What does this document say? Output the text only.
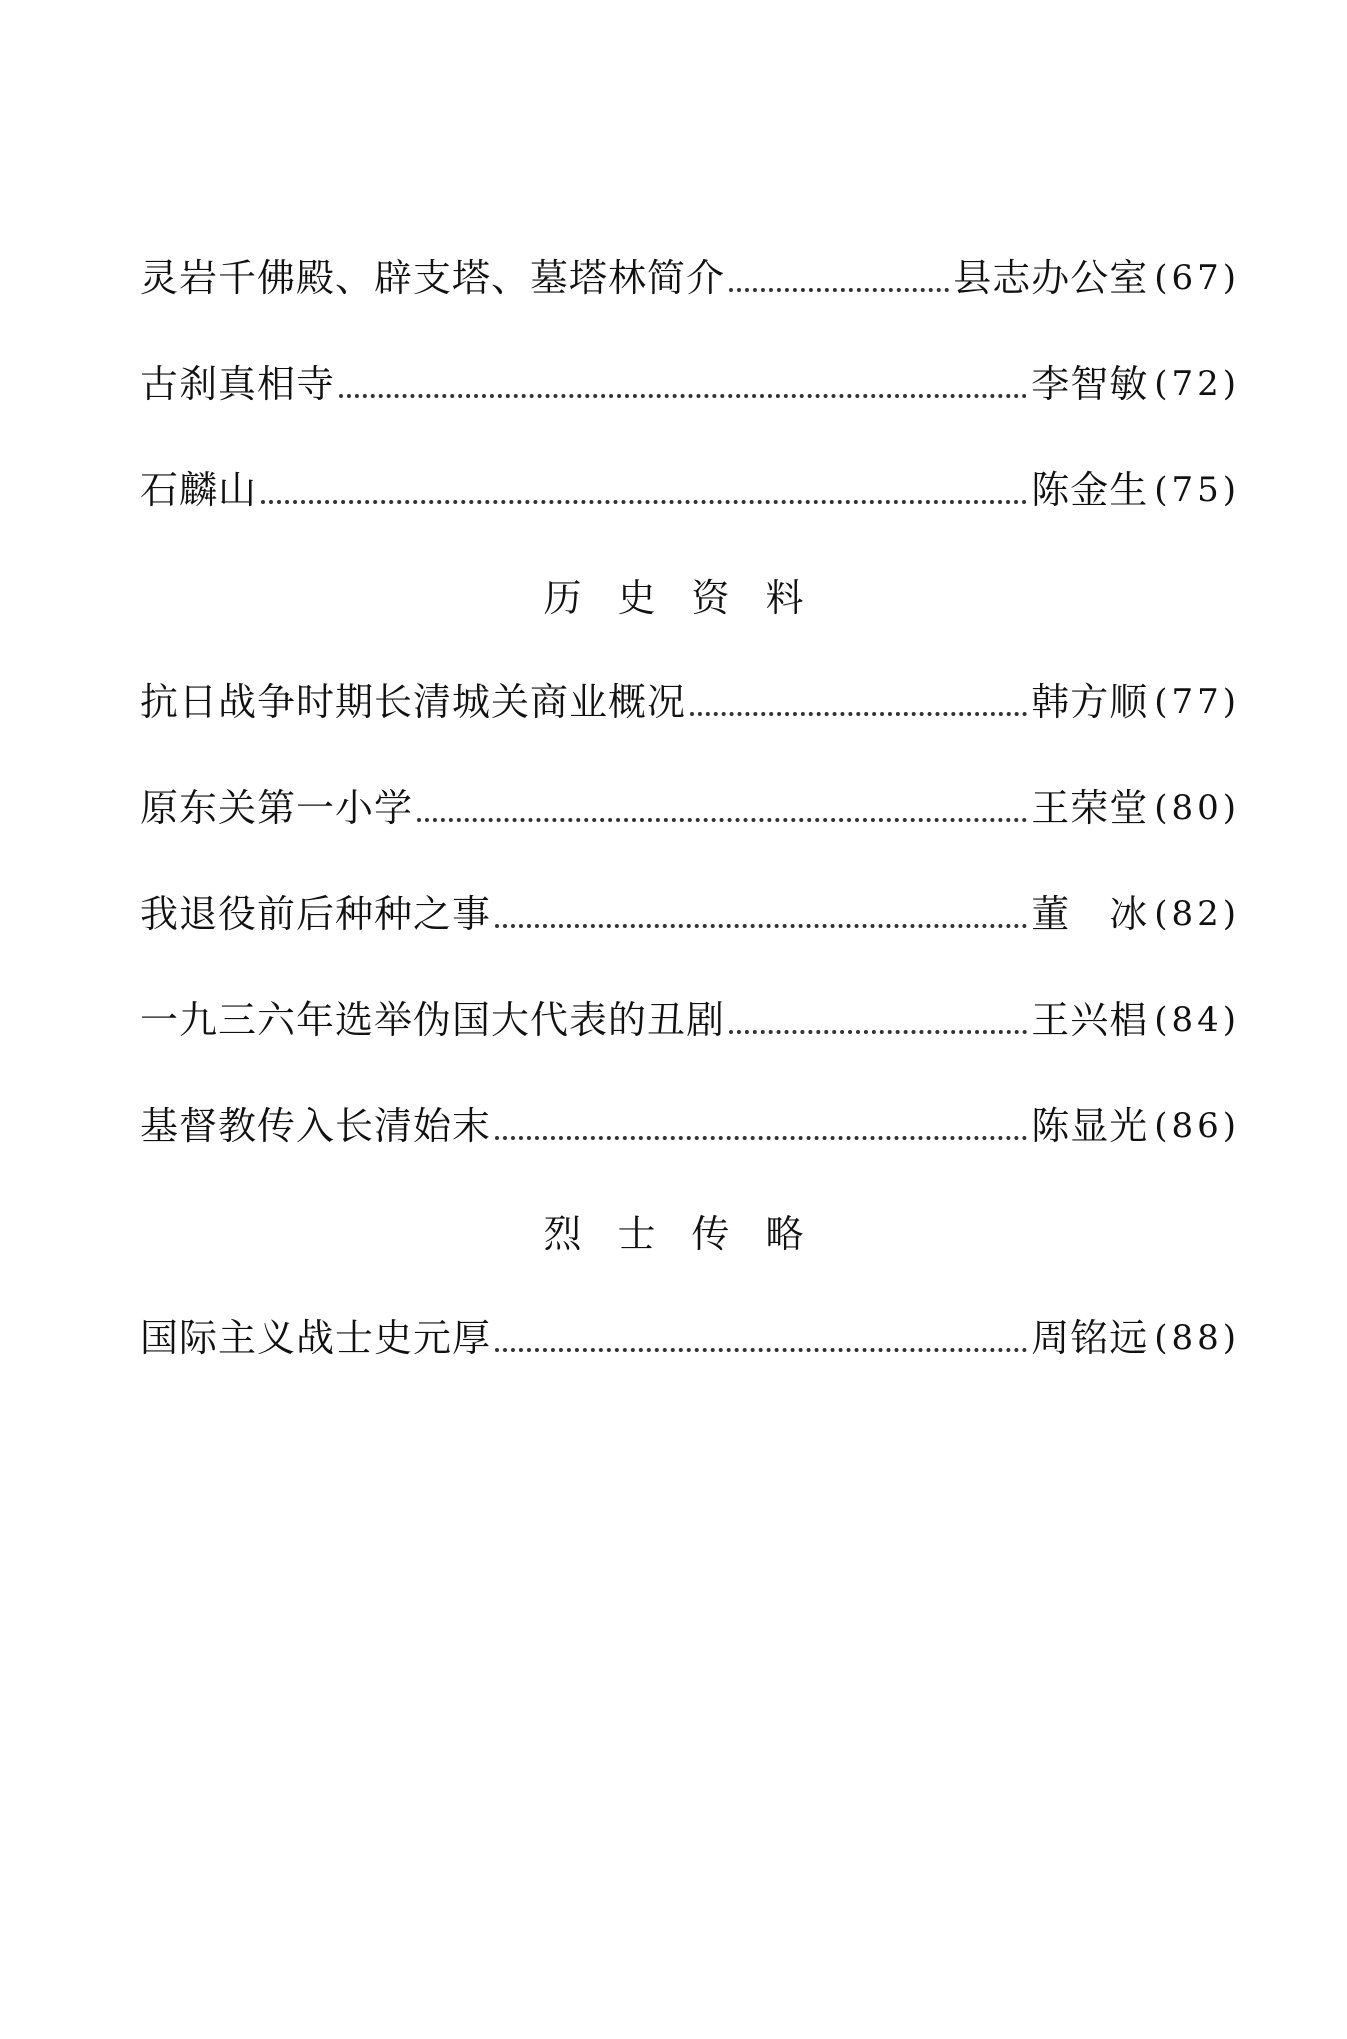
灵岩千佛殿、辟支塔、墓塔林简介	县志办公室 (67)
古刹真相寺	李智敏 (72)
石麟山	陈金生 (75)
历史资料
抗日战争时期长清城关商业概况	韩方顺 (77)
原东关第一小学	王荣堂 (80)
我退役前后种种之事	董　冰 (82)
一九三六年选举伪国大代表的丑剧	王兴椙 (84)
基督教传入长清始末	陈显光 (86)
烈士传略
国际主义战士史元厚	周铭远 (88)
